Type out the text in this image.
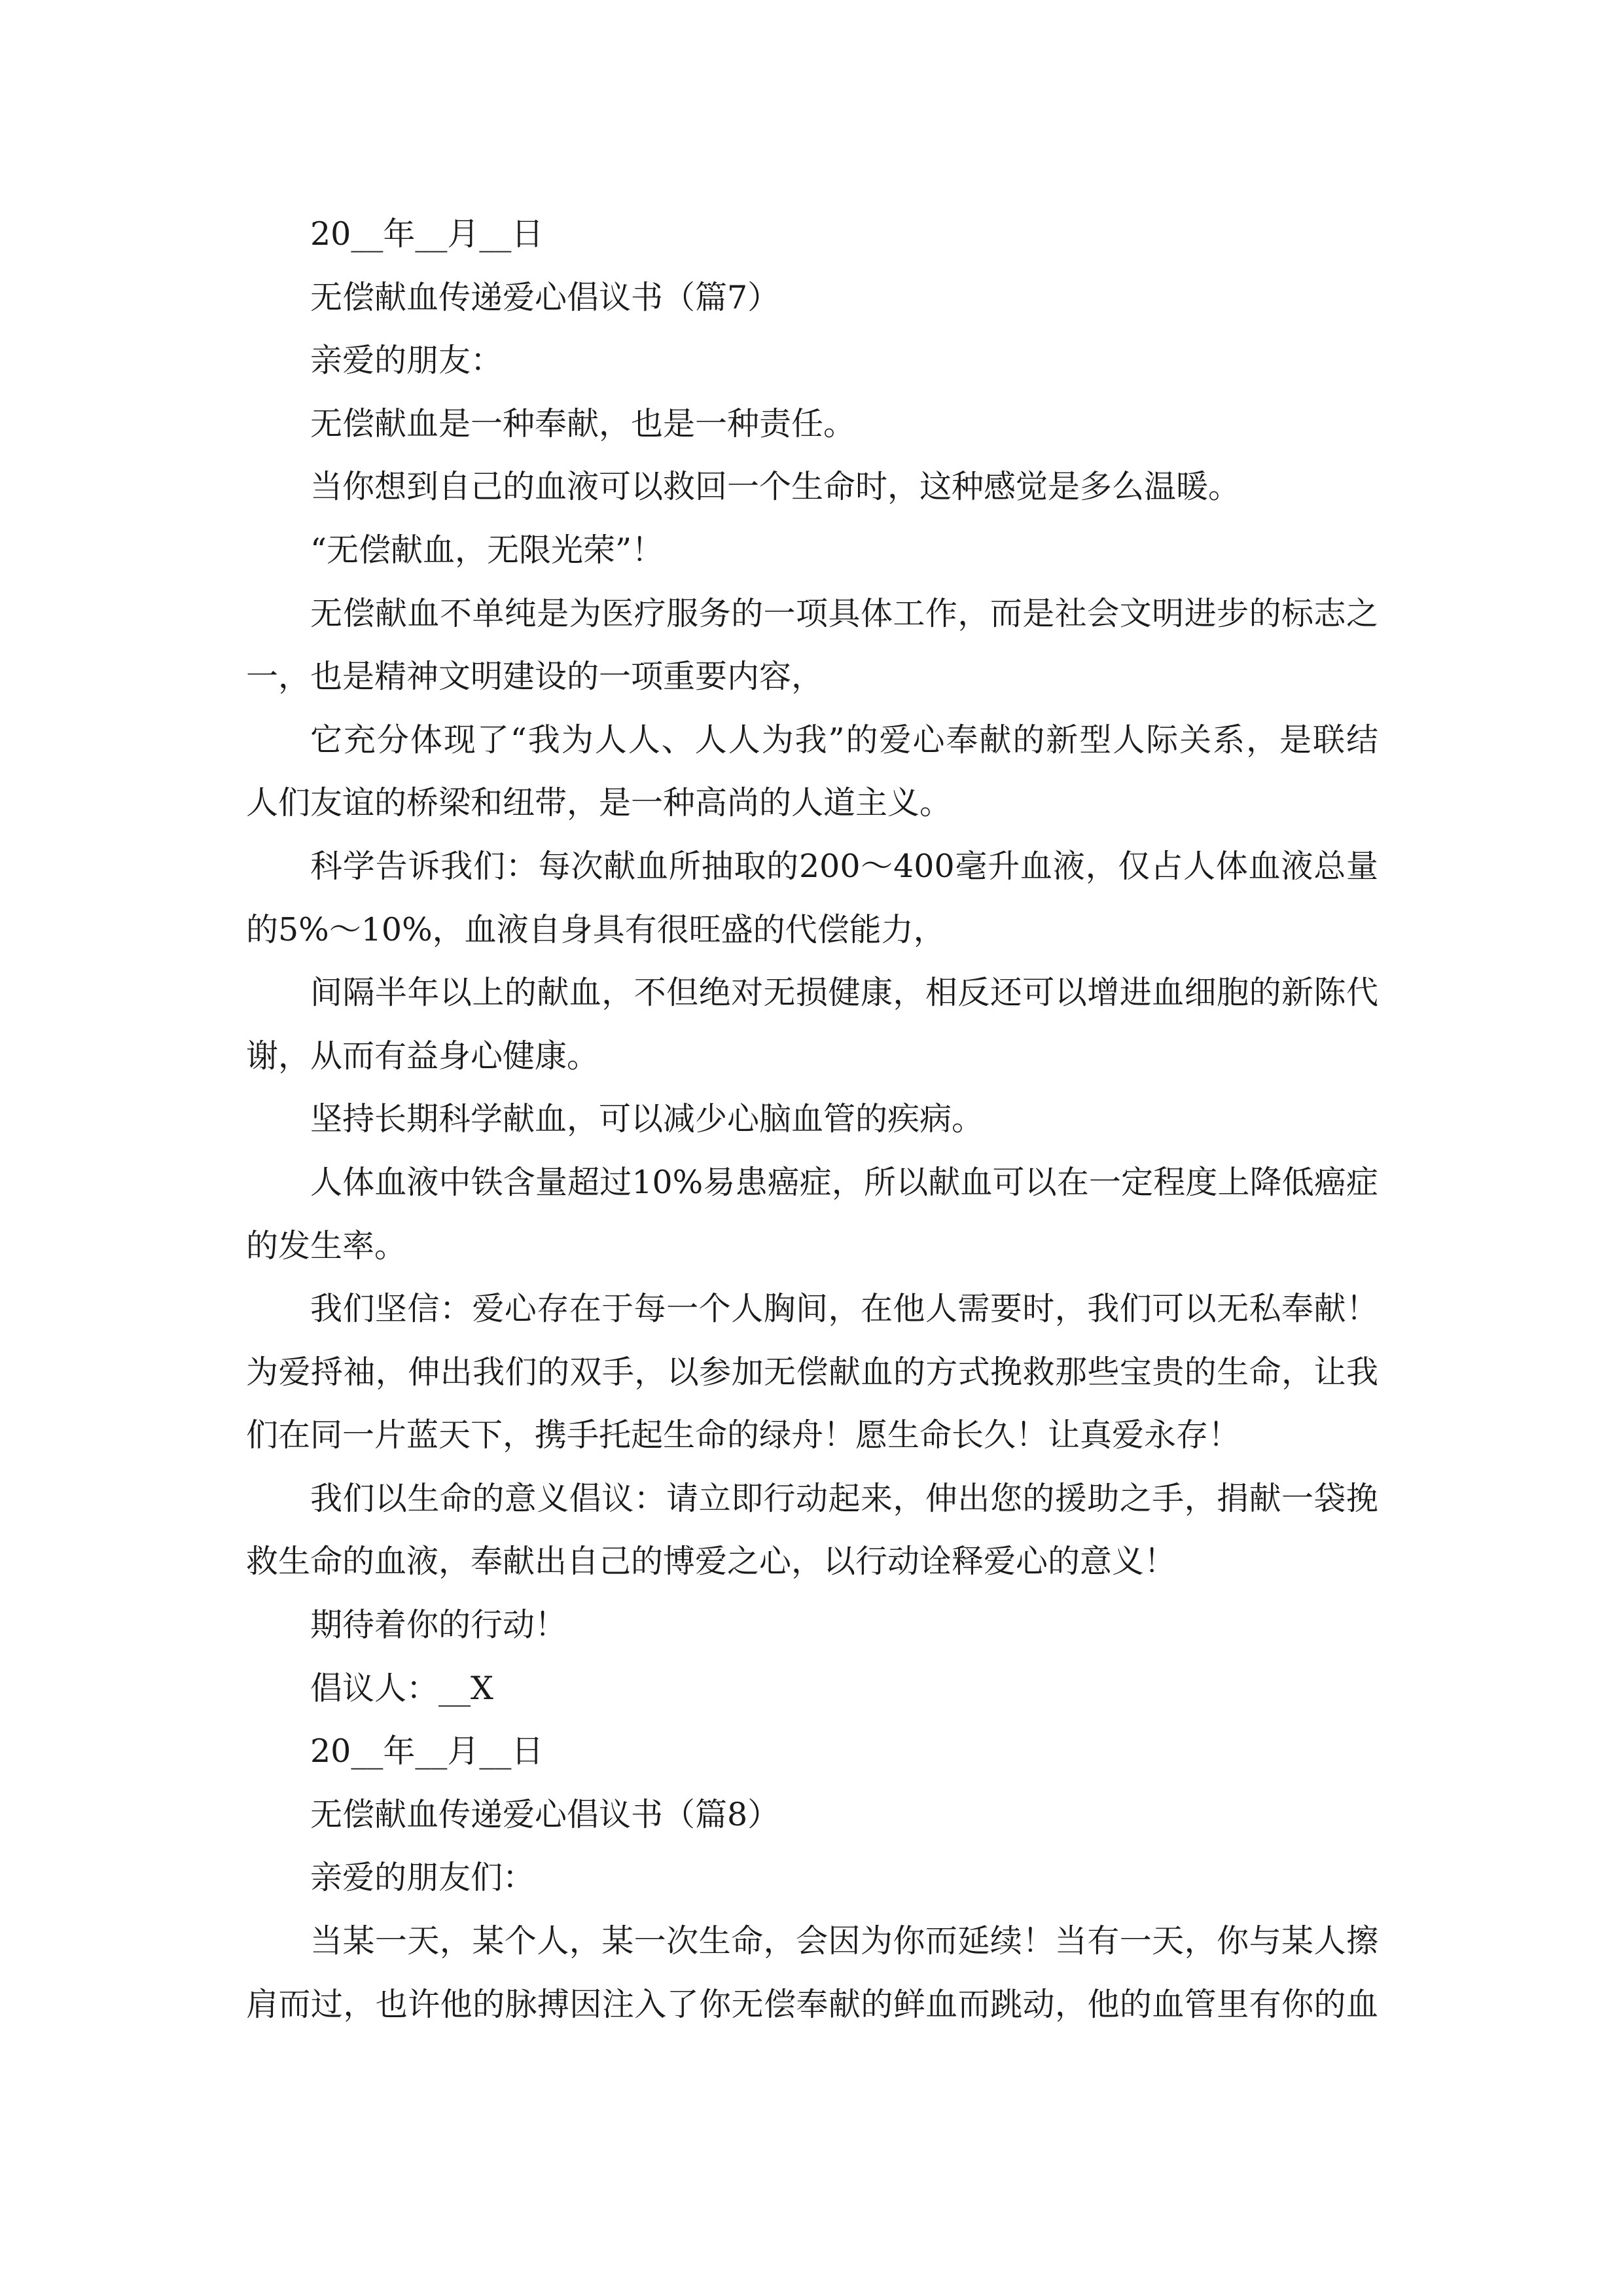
20__年__月__日
无偿献血传递爱心倡议书（篇7）
亲爱的朋友：
无偿献血是一种奉献，也是一种责任。
当你想到自己的血液可以救回一个生命时，这种感觉是多么温暖。
“无偿献血，无限光荣”！
无偿献血不单纯是为医疗服务的一项具体工作，而是社会文明进步的标志之
一，也是精神文明建设的一项重要内容，
它充分体现了“我为人人、人人为我”的爱心奉献的新型人际关系，是联结
人们友谊的桥梁和纽带，是一种高尚的人道主义。
科学告诉我们：每次献血所抽取的200～400毫升血液，仅占人体血液总量
的5%～10%，血液自身具有很旺盛的代偿能力，
间隔半年以上的献血，不但绝对无损健康，相反还可以增进血细胞的新陈代
谢，从而有益身心健康。
坚持长期科学献血，可以减少心脑血管的疾病。
人体血液中铁含量超过10%易患癌症，所以献血可以在一定程度上降低癌症
的发生率。
我们坚信：爱心存在于每一个人胸间，在他人需要时，我们可以无私奉献！
为爱捋袖，伸出我们的双手，以参加无偿献血的方式挽救那些宝贵的生命，让我
们在同一片蓝天下，携手托起生命的绿舟！愿生命长久！让真爱永存！
我们以生命的意义倡议：请立即行动起来，伸出您的援助之手，捐献一袋挽
救生命的血液，奉献出自己的博爱之心，以行动诠释爱心的意义！
期待着你的行动！
倡议人：__X
20__年__月__日
无偿献血传递爱心倡议书（篇8）
亲爱的朋友们：
当某一天，某个人，某一次生命，会因为你而延续！当有一天，你与某人擦
肩而过，也许他的脉搏因注入了你无偿奉献的鲜血而跳动，他的血管里有你的血
